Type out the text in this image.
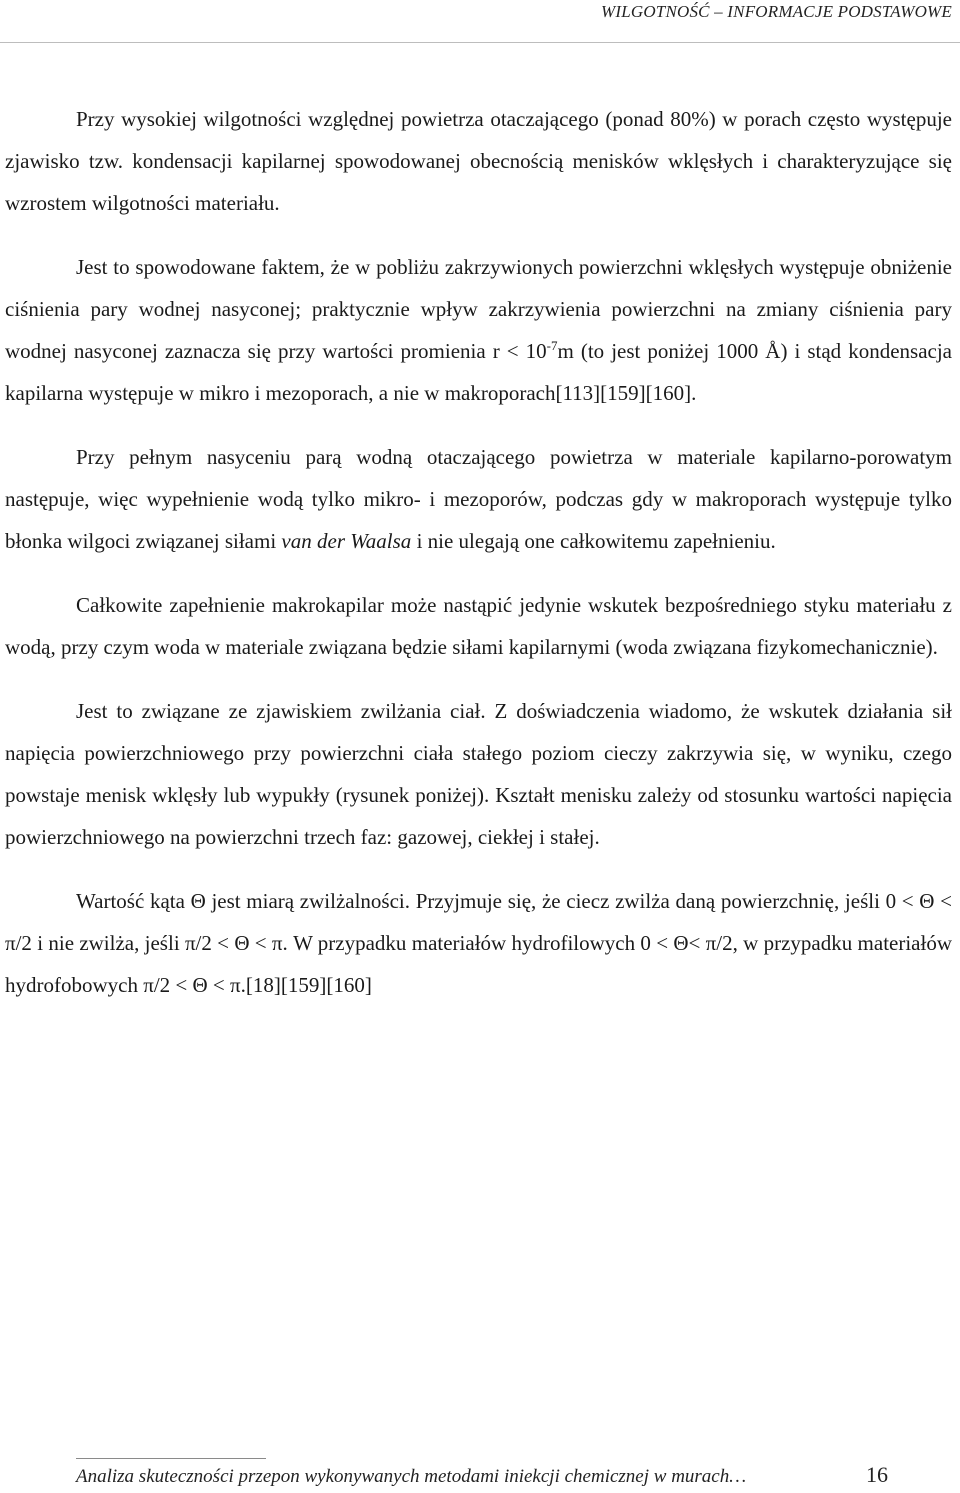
WILGOTNOŚĆ – INFORMACJE PODSTAWOWE

Przy wysokiej wilgotności względnej powietrza otaczającego (ponad 80%) w porach często występuje zjawisko tzw. kondensacji kapilarnej spowodowanej obecnością menisków wklęsłych i charakteryzujące się wzrostem wilgotności materiału.

Jest to spowodowane faktem, że w pobliżu zakrzywionych powierzchni wklęsłych występuje obniżenie ciśnienia pary wodnej nasyconej; praktycznie wpływ zakrzywienia powierzchni na zmiany ciśnienia pary wodnej nasyconej zaznacza się przy wartości promienia $r < 10^{-7}m$ (to jest poniżej 1000 Å) i stąd kondensacja kapilarna występuje w mikro i mezoporach, a nie w makroporach[113][159][160].

Przy pełnym nasyceniu parą wodną otaczającego powietrza w materiale kapilarno-porowatym następuje, więc wypełnienie wodą tylko mikro- i mezoporów, podczas gdy w makroporach występuje tylko błonka wilgoci związanej siłami van der Waalsa i nie ulegają one całkowitemu zapełnieniu.

Całkowite zapełnienie makrokapilar może nastąpić jedynie wskutek bezpośredniego styku materiału z wodą, przy czym woda w materiale związana będzie siłami kapilarnymi (woda związana fizykomechanicznie).

Jest to związane ze zjawiskiem zwilżania ciał. Z doświadczenia wiadomo, że wskutek działania sił napięcia powierzchniowego przy powierzchni ciała stałego poziom cieczy zakrzywia się, w wyniku, czego powstaje menisk wklęsły lub wypukły (rysunek poniżej). Kształt menisku zależy od stosunku wartości napięcia powierzchniowego na powierzchni trzech faz: gazowej, ciekłej i stałej.

Wartość kąta Θ jest miarą zwilżalności. Przyjmuje się, że ciecz zwilża daną powierzchnię, jeśli 0 < Θ < π/2 i nie zwilża, jeśli π/2 < Θ < π. W przypadku materiałów hydrofilowych 0 < Θ< π/2, w przypadku materiałów hydrofobowych π/2 < Θ < π.[18][159][160]

Analiza skuteczności przepon wykonywanych metodami iniekcji chemicznej w murach…	16
